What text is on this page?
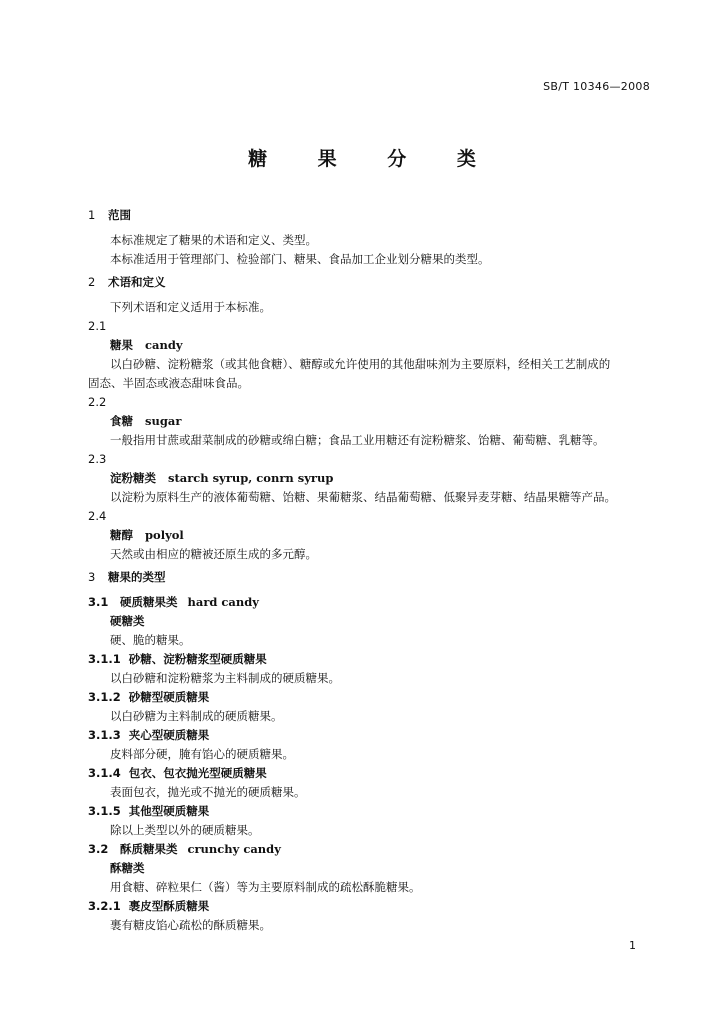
SB/T 10346—2008
糖 果 分 类
1 范围
本标准规定了糖果的术语和定义、类型。
本标准适用于管理部门、检验部门、糖果、食品加工企业划分糖果的类型。
2 术语和定义
下列术语和定义适用于本标准。
2.1
糖果 candy
以白砂糖、淀粉糖浆（或其他食糖）、糖醇或允许使用的其他甜味剂为主要原料，经相关工艺制成的
固态、半固态或液态甜味食品。
2.2
食糖 sugar
一般指用甘蔗或甜菜制成的砂糖或绵白糖；食品工业用糖还有淀粉糖浆、饴糖、葡萄糖、乳糖等。
2.3
淀粉糖类 starch syrup, conrn syrup
以淀粉为原料生产的液体葡萄糖、饴糖、果葡糖浆、结晶葡萄糖、低聚异麦芽糖、结晶果糖等产品。
2.4
糖醇 polyol
天然或由相应的糖被还原生成的多元醇。
3 糖果的类型
3.1 硬质糖果类 hard candy
硬糖类
硬、脆的糖果。
3.1.1 砂糖、淀粉糖浆型硬质糖果
以白砂糖和淀粉糖浆为主料制成的硬质糖果。
3.1.2 砂糖型硬质糖果
以白砂糖为主料制成的硬质糖果。
3.1.3 夹心型硬质糖果
皮料部分硬，腌有馅心的硬质糖果。
3.1.4 包衣、包衣抛光型硬质糖果
表面包衣，抛光或不抛光的硬质糖果。
3.1.5 其他型硬质糖果
除以上类型以外的硬质糖果。
3.2 酥质糖果类 crunchy candy
酥糖类
用食糖、碎粒果仁（酱）等为主要原料制成的疏松酥脆糖果。
3.2.1 裹皮型酥质糖果
裹有糖皮馅心疏松的酥质糖果。
1
